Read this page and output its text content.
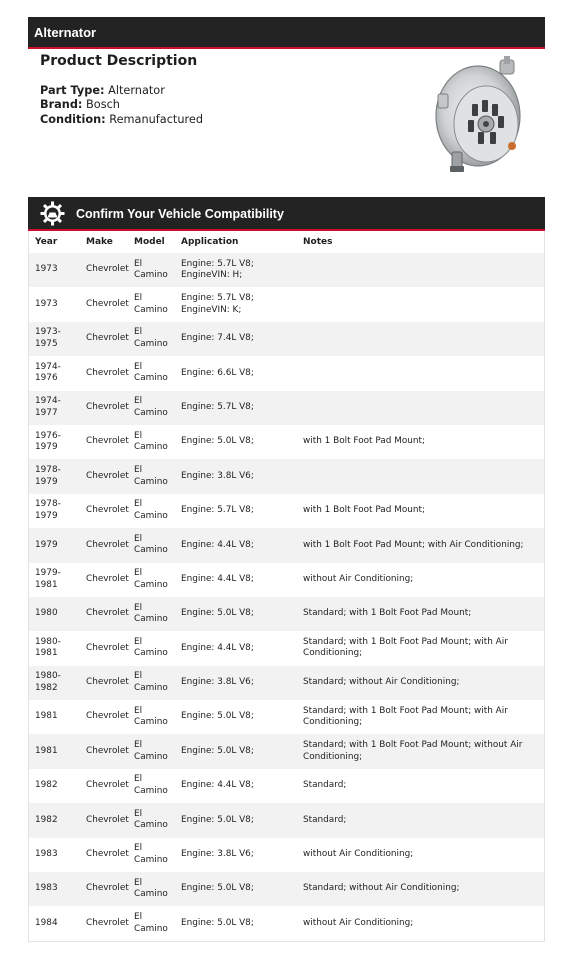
Alternator
Product Description
Part Type: Alternator
Brand: Bosch
Condition: Remanufactured
Confirm Your Vehicle Compatibility
Year	Make	Model	Application	Notes
1973	Chevrolet	El Camino	Engine: 5.7L V8; EngineVIN: H;	
1973	Chevrolet	El Camino	Engine: 5.7L V8; EngineVIN: K;	
1973-1975	Chevrolet	El Camino	Engine: 7.4L V8;	
1974-1976	Chevrolet	El Camino	Engine: 6.6L V8;	
1974-1977	Chevrolet	El Camino	Engine: 5.7L V8;	
1976-1979	Chevrolet	El Camino	Engine: 5.0L V8;	with 1 Bolt Foot Pad Mount;
1978-1979	Chevrolet	El Camino	Engine: 3.8L V6;	
1978-1979	Chevrolet	El Camino	Engine: 5.7L V8;	with 1 Bolt Foot Pad Mount;
1979	Chevrolet	El Camino	Engine: 4.4L V8;	with 1 Bolt Foot Pad Mount; with Air Conditioning;
1979-1981	Chevrolet	El Camino	Engine: 4.4L V8;	without Air Conditioning;
1980	Chevrolet	El Camino	Engine: 5.0L V8;	Standard; with 1 Bolt Foot Pad Mount;
1980-1981	Chevrolet	El Camino	Engine: 4.4L V8;	Standard; with 1 Bolt Foot Pad Mount; with Air Conditioning;
1980-1982	Chevrolet	El Camino	Engine: 3.8L V6;	Standard; without Air Conditioning;
1981	Chevrolet	El Camino	Engine: 5.0L V8;	Standard; with 1 Bolt Foot Pad Mount; with Air Conditioning;
1981	Chevrolet	El Camino	Engine: 5.0L V8;	Standard; with 1 Bolt Foot Pad Mount; without Air Conditioning;
1982	Chevrolet	El Camino	Engine: 4.4L V8;	Standard;
1982	Chevrolet	El Camino	Engine: 5.0L V8;	Standard;
1983	Chevrolet	El Camino	Engine: 3.8L V6;	without Air Conditioning;
1983	Chevrolet	El Camino	Engine: 5.0L V8;	Standard; without Air Conditioning;
1984	Chevrolet	El Camino	Engine: 5.0L V8;	without Air Conditioning;
